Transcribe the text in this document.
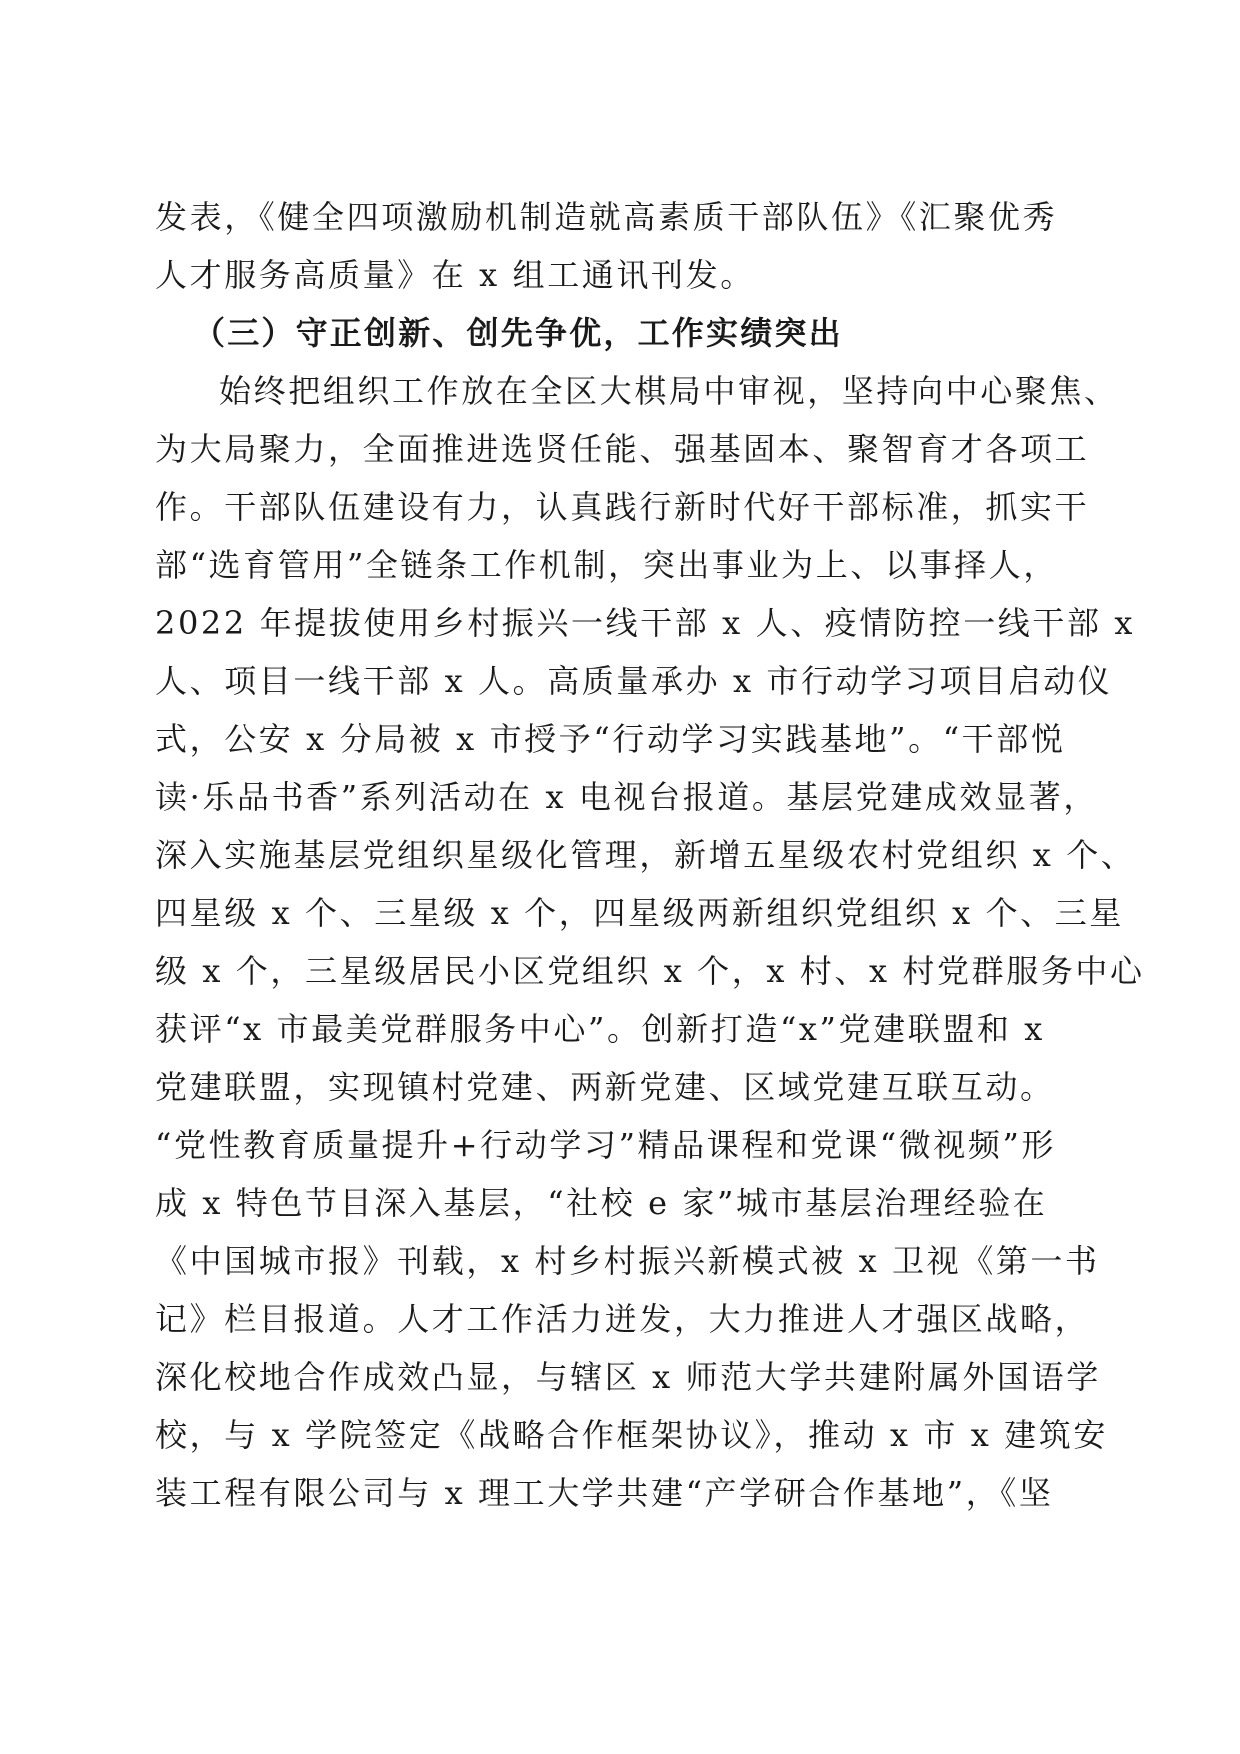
发表，《健全四项激励机制造就高素质干部队伍》《汇聚优秀
人才服务高质量》在 x 组工通讯刊发。
（三）守正创新、创先争优，工作实绩突出
始终把组织工作放在全区大棋局中审视，坚持向中心聚焦、
为大局聚力，全面推进选贤任能、强基固本、聚智育才各项工
作。干部队伍建设有力，认真践行新时代好干部标准，抓实干
部“选育管用”全链条工作机制，突出事业为上、以事择人，
2022 年提拔使用乡村振兴一线干部 x 人、疫情防控一线干部 x
人、项目一线干部 x 人。高质量承办 x 市行动学习项目启动仪
式，公安 x 分局被 x 市授予“行动学习实践基地”。“干部悦
读·乐品书香”系列活动在 x 电视台报道。基层党建成效显著，
深入实施基层党组织星级化管理，新增五星级农村党组织 x 个、
四星级 x 个、三星级 x 个，四星级两新组织党组织 x 个、三星
级 x 个，三星级居民小区党组织 x 个，x 村、x 村党群服务中心
获评“x 市最美党群服务中心”。创新打造“x”党建联盟和 x
党建联盟，实现镇村党建、两新党建、区域党建互联互动。
“党性教育质量提升+行动学习”精品课程和党课“微视频”形
成 x 特色节目深入基层，“社校 e 家”城市基层治理经验在
《中国城市报》刊载，x 村乡村振兴新模式被 x 卫视《第一书
记》栏目报道。人才工作活力迸发，大力推进人才强区战略，
深化校地合作成效凸显，与辖区 x 师范大学共建附属外国语学
校，与 x 学院签定《战略合作框架协议》，推动 x 市 x 建筑安
装工程有限公司与 x 理工大学共建“产学研合作基地”，《坚
